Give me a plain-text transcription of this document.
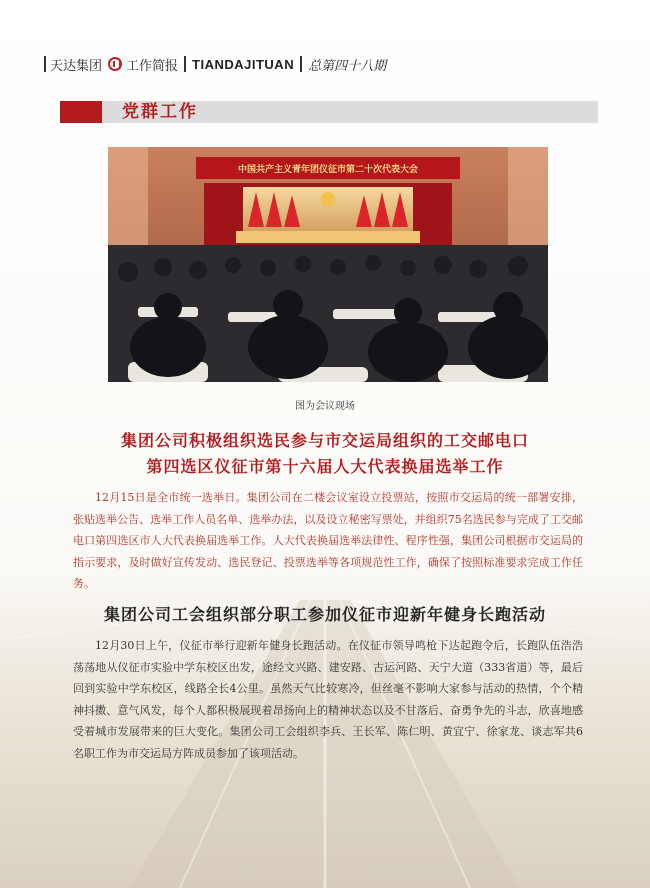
天达集团 工作简报 TIANDAJITUAN 总第四十八期
党群工作
中国共产主义青年团仪征市第二十次代表大会
图为会议现场
集团公司积极组织选民参与市交运局组织的工交邮电口
第四选区仪征市第十六届人大代表换届选举工作

12月15日是全市统一选举日。集团公司在二楼会议室设立投票站，按照市交运局的统一部署安排，张贴选举公告、选举工作人员名单、选举办法，以及设立秘密写票处，并组织75名选民参与完成了工交邮电口第四选区市人大代表换届选举工作。人大代表换届选举法律性、程序性强，集团公司根据市交运局的指示要求，及时做好宣传发动、选民登记、投票选举等各项规范性工作，确保了按照标准要求完成工作任务。

集团公司工会组织部分职工参加仪征市迎新年健身长跑活动

12月30日上午，仪征市举行迎新年健身长跑活动。在仪征市领导鸣枪下达起跑令后，长跑队伍浩浩荡荡地从仪征市实验中学东校区出发，途经文兴路、建安路、古运河路、天宁大道（333省道）等，最后回到实验中学东校区，线路全长4公里。虽然天气比较寒冷，但丝毫不影响大家参与活动的热情，个个精神抖擞、意气风发，每个人都积极展现着昂扬向上的精神状态以及不甘落后、奋勇争先的斗志，欣喜地感受着城市发展带来的巨大变化。集团公司工会组织李兵、王长军、陈仁明、黄宜宁、徐家龙、谈志军共6名职工作为市交运局方阵成员参加了该项活动。
